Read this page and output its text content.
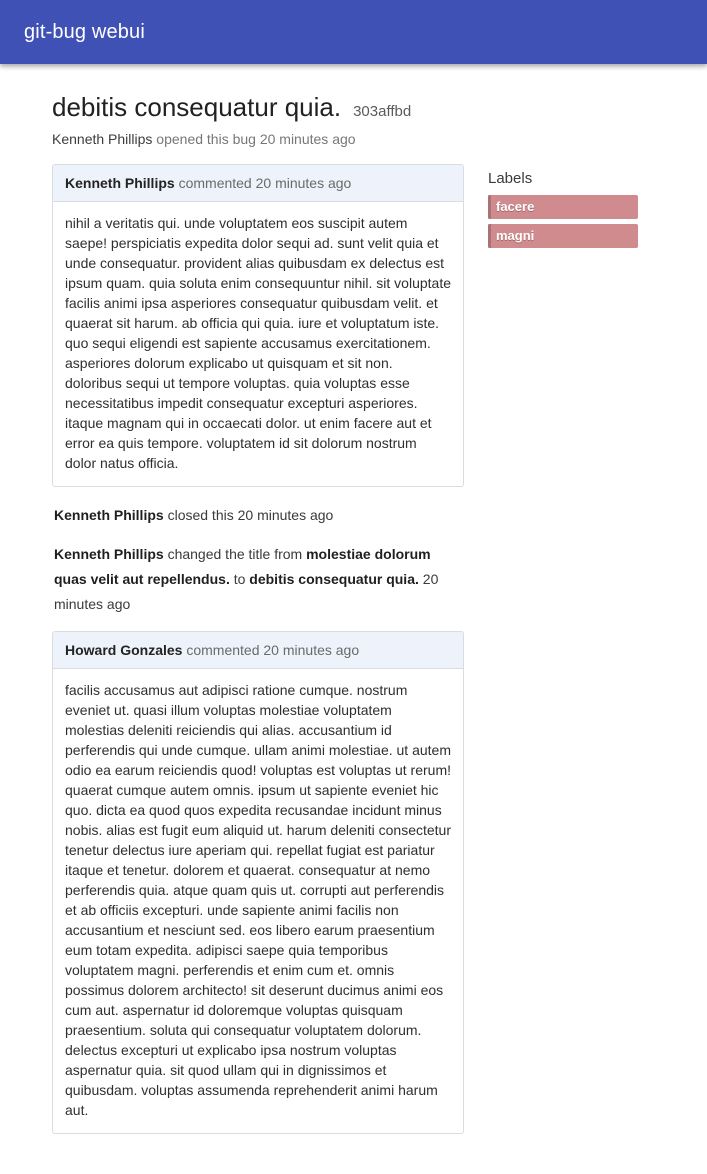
git-bug webui
debitis consequatur quia. 303affbd
Kenneth Phillips opened this bug 20 minutes ago
Kenneth Phillips commented 20 minutes ago
nihil a veritatis qui. unde voluptatem eos suscipit autem saepe! perspiciatis expedita dolor sequi ad. sunt velit quia et unde consequatur. provident alias quibusdam ex delectus est ipsum quam. quia soluta enim consequuntur nihil. sit voluptate facilis animi ipsa asperiores consequatur quibusdam velit. et quaerat sit harum. ab officia qui quia. iure et voluptatum iste. quo sequi eligendi est sapiente accusamus exercitationem. asperiores dolorum explicabo ut quisquam et sit non. doloribus sequi ut tempore voluptas. quia voluptas esse necessitatibus impedit consequatur excepturi asperiores. itaque magnam qui in occaecati dolor. ut enim facere aut et error ea quis tempore. voluptatem id sit dolorum nostrum dolor natus officia.

Kenneth Phillips closed this 20 minutes ago

Kenneth Phillips changed the title from molestiae dolorum quas velit aut repellendus. to debitis consequatur quia. 20 minutes ago

Howard Gonzales commented 20 minutes ago
facilis accusamus aut adipisci ratione cumque. nostrum eveniet ut. quasi illum voluptas molestiae voluptatem molestias deleniti reiciendis qui alias. accusantium id perferendis qui unde cumque. ullam animi molestiae. ut autem odio ea earum reiciendis quod! voluptas est voluptas ut rerum! quaerat cumque autem omnis. ipsum ut sapiente eveniet hic quo. dicta ea quod quos expedita recusandae incidunt minus nobis. alias est fugit eum aliquid ut. harum deleniti consectetur tenetur delectus iure aperiam qui. repellat fugiat est pariatur itaque et tenetur. dolorem et quaerat. consequatur at nemo perferendis quia. atque quam quis ut. corrupti aut perferendis et ab officiis excepturi. unde sapiente animi facilis non accusantium et nesciunt sed. eos libero earum praesentium eum totam expedita. adipisci saepe quia temporibus voluptatem magni. perferendis et enim cum et. omnis possimus dolorem architecto! sit deserunt ducimus animi eos cum aut. aspernatur id doloremque voluptas quisquam praesentium. soluta qui consequatur voluptatem dolorum. delectus excepturi ut explicabo ipsa nostrum voluptas aspernatur quia. sit quod ullam qui in dignissimos et quibusdam. voluptas assumenda reprehenderit animi harum aut.
Labels
facere
magni
